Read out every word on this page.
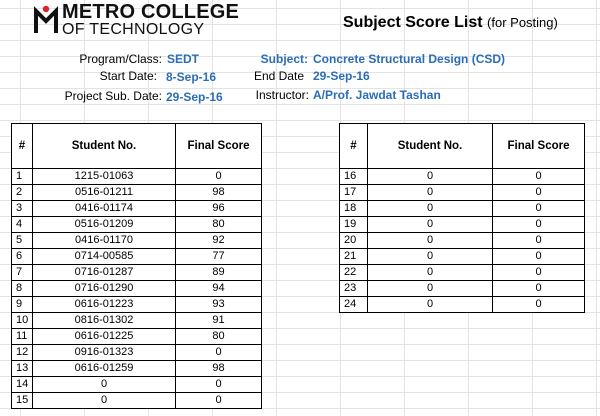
METRO COLLEGE
OF TECHNOLOGY	Subject Score List (for Posting)
Program/Class: SEDT
Start Date: 8-Sep-16
Project Sub. Date: 29-Sep-16
Subject: Concrete Structural Design (CSD)
End Date 29-Sep-16
Instructor: A/Prof. Jawdat Tashan
#	Student No.	Final Score
1	1215-01063	0
2	0516-01211	98
3	0416-01174	96
4	0516-01209	80
5	0416-01170	92
6	0714-00585	77
7	0716-01287	89
8	0716-01290	94
9	0616-01223	93
10	0816-01302	91
11	0616-01225	80
12	0916-01323	0
13	0616-01259	98
14	0	0
15	0	0
#	Student No.	Final Score
16	0	0
17	0	0
18	0	0
19	0	0
20	0	0
21	0	0
22	0	0
23	0	0
24	0	0
